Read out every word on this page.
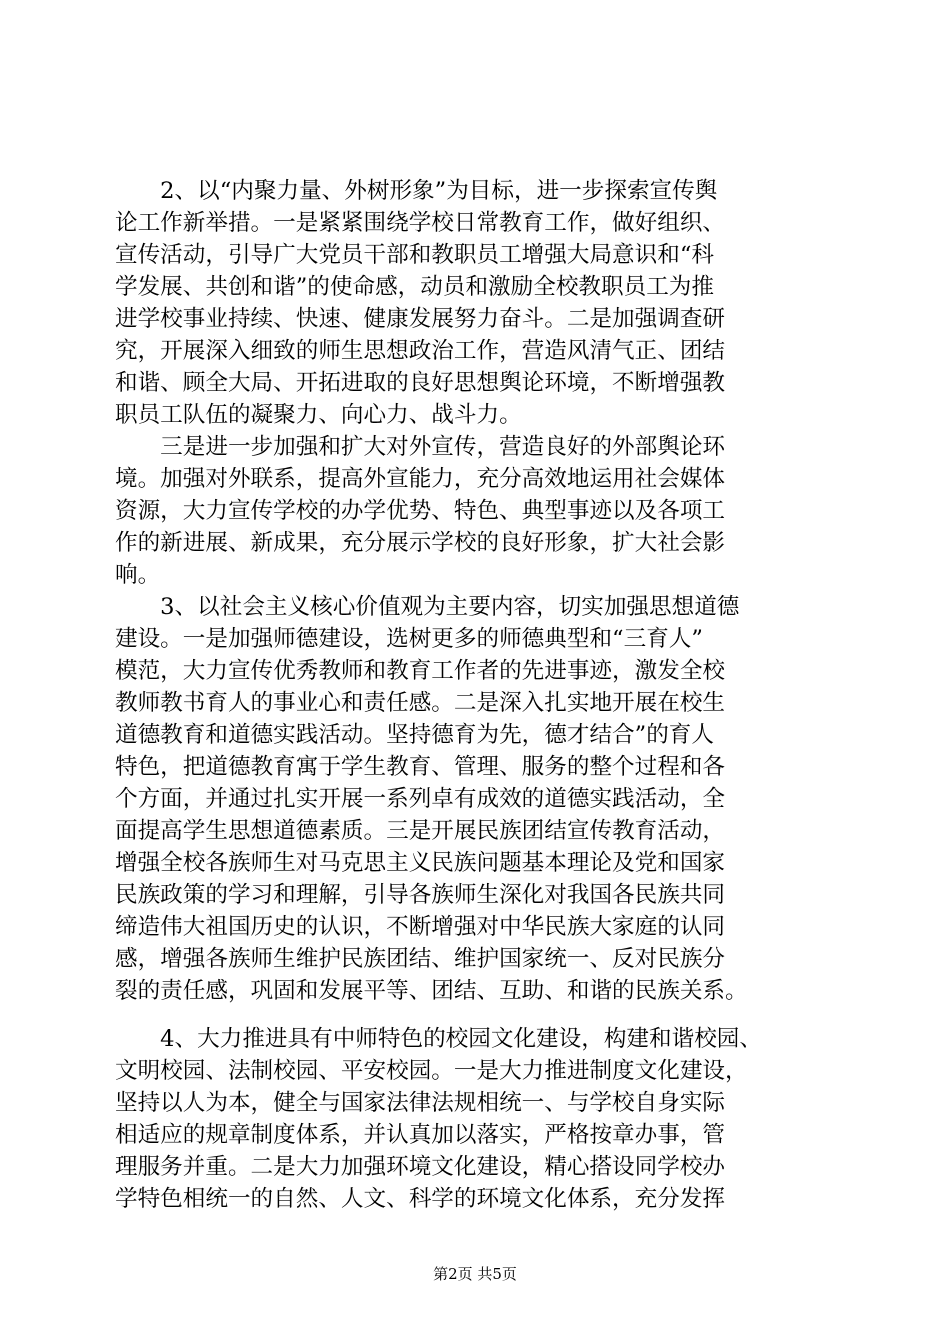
　　2、以“内聚力量、外树形象”为目标，进一步探索宣传舆
论工作新举措。一是紧紧围绕学校日常教育工作，做好组织、
宣传活动，引导广大党员干部和教职员工增强大局意识和“科
学发展、共创和谐”的使命感，动员和激励全校教职员工为推
进学校事业持续、快速、健康发展努力奋斗。二是加强调查研
究，开展深入细致的师生思想政治工作，营造风清气正、团结
和谐、顾全大局、开拓进取的良好思想舆论环境，不断增强教
职员工队伍的凝聚力、向心力、战斗力。
　　三是进一步加强和扩大对外宣传，营造良好的外部舆论环
境。加强对外联系，提高外宣能力，充分高效地运用社会媒体
资源，大力宣传学校的办学优势、特色、典型事迹以及各项工
作的新进展、新成果，充分展示学校的良好形象，扩大社会影
响。
　　3、以社会主义核心价值观为主要内容，切实加强思想道德
建设。一是加强师德建设，选树更多的师德典型和“三育人”
模范，大力宣传优秀教师和教育工作者的先进事迹，激发全校
教师教书育人的事业心和责任感。二是深入扎实地开展在校生
道德教育和道德实践活动。坚持德育为先，德才结合”的育人
特色，把道德教育寓于学生教育、管理、服务的整个过程和各
个方面，并通过扎实开展一系列卓有成效的道德实践活动，全
面提高学生思想道德素质。三是开展民族团结宣传教育活动，
增强全校各族师生对马克思主义民族问题基本理论及党和国家
民族政策的学习和理解，引导各族师生深化对我国各民族共同
缔造伟大祖国历史的认识，不断增强对中华民族大家庭的认同
感，增强各族师生维护民族团结、维护国家统一、反对民族分
裂的责任感，巩固和发展平等、团结、互助、和谐的民族关系。
　　4、大力推进具有中师特色的校园文化建设，构建和谐校园、
文明校园、法制校园、平安校园。一是大力推进制度文化建设，
坚持以人为本，健全与国家法律法规相统一、与学校自身实际
相适应的规章制度体系，并认真加以落实，严格按章办事，管
理服务并重。二是大力加强环境文化建设，精心搭设同学校办
学特色相统一的自然、人文、科学的环境文化体系，充分发挥
第2页 共5页
